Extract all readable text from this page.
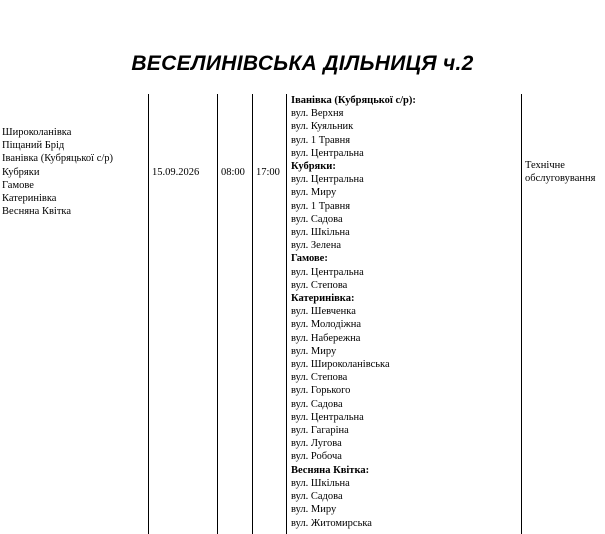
ВЕСЕЛИНІВСЬКА ДІЛЬНИЦЯ ч.2
Широколанівка
Піщаний Брід
Іванівка (Кубряцької с/р)
Кубряки
Гамове
Катеринівка
Весняна Квітка
15.09.2026 08:00 17:00
Іванівка (Кубряцької с/р):
вул. Верхня
вул. Куяльник
вул. 1 Травня
вул. Центральна
Кубряки:
вул. Центральна
вул. Миру
вул. 1 Травня
вул. Садова
вул. Шкільна
вул. Зелена
Гамове:
вул. Центральна
вул. Степова
Катеринівка:
вул. Шевченка
вул. Молодіжна
вул. Набережна
вул. Миру
вул. Широколанівська
вул. Степова
вул. Горького
вул. Садова
вул. Центральна
вул. Гагаріна
вул. Лугова
вул. Робоча
Весняна Квітка:
вул. Шкільна
вул. Садова
вул. Миру
вул. Житомирська
Технічне
обслуговування
